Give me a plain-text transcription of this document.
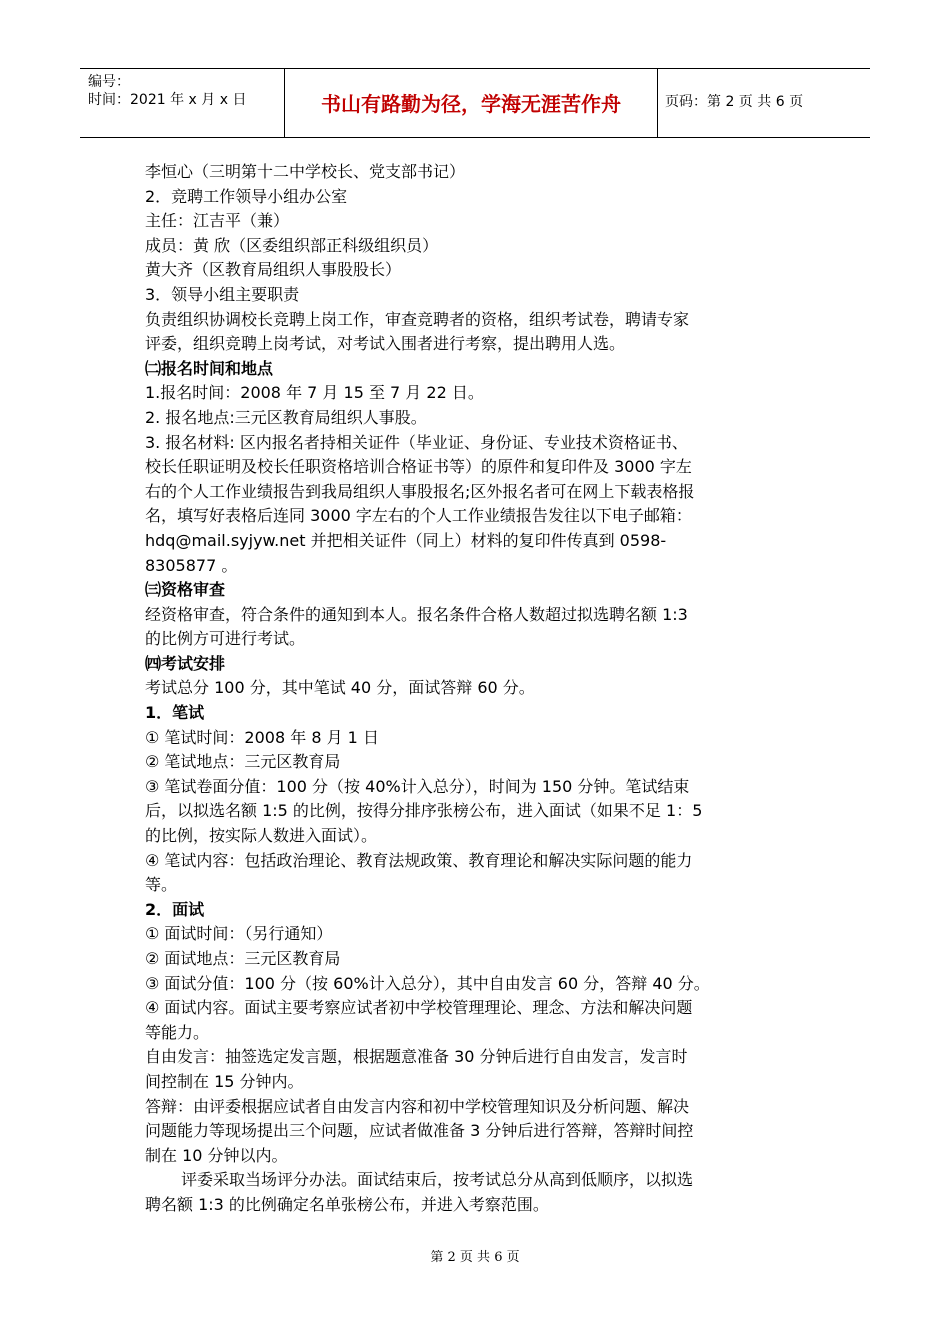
编号：
时间：2021 年 x 月 x 日	书山有路勤为径，学海无涯苦作舟	页码：第 2 页 共 6 页
李恒心（三明第十二中学校长、党支部书记）
2．竞聘工作领导小组办公室
主任：江吉平（兼）
成员：黄 欣（区委组织部正科级组织员）
黄大齐（区教育局组织人事股股长）
3．领导小组主要职责
负责组织协调校长竞聘上岗工作，审查竞聘者的资格，组织考试卷，聘请专家
评委，组织竞聘上岗考试，对考试入围者进行考察，提出聘用人选。
㈡报名时间和地点
1.报名时间：2008 年 7 月 15 至 7 月 22 日。
2. 报名地点:三元区教育局组织人事股。
3. 报名材料: 区内报名者持相关证件（毕业证、身份证、专业技术资格证书、
校长任职证明及校长任职资格培训合格证书等）的原件和复印件及 3000 字左
右的个人工作业绩报告到我局组织人事股报名;区外报名者可在网上下载表格报
名，填写好表格后连同 3000 字左右的个人工作业绩报告发往以下电子邮箱：
hdq@mail.syjyw.net 并把相关证件（同上）材料的复印件传真到 0598-
8305877 。
㈢资格审查
经资格审查，符合条件的通知到本人。报名条件合格人数超过拟选聘名额 1:3
的比例方可进行考试。
㈣考试安排
考试总分 100 分，其中笔试 40 分，面试答辩 60 分。
1．笔试
① 笔试时间：2008 年 8 月 1 日
② 笔试地点：三元区教育局
③ 笔试卷面分值：100 分（按 40%计入总分），时间为 150 分钟。笔试结束
后，以拟选名额 1:5 的比例，按得分排序张榜公布，进入面试（如果不足 1：5
的比例，按实际人数进入面试）。
④ 笔试内容：包括政治理论、教育法规政策、教育理论和解决实际问题的能力
等。
2．面试
① 面试时间：（另行通知）
② 面试地点：三元区教育局
③ 面试分值：100 分（按 60%计入总分），其中自由发言 60 分，答辩 40 分。
④ 面试内容。面试主要考察应试者初中学校管理理论、理念、方法和解决问题
等能力。
自由发言：抽签选定发言题，根据题意准备 30 分钟后进行自由发言，发言时
间控制在 15 分钟内。
答辩：由评委根据应试者自由发言内容和初中学校管理知识及分析问题、解决
问题能力等现场提出三个问题，应试者做准备 3 分钟后进行答辩，答辩时间控
制在 10 分钟以内。
评委采取当场评分办法。面试结束后，按考试总分从高到低顺序，以拟选
聘名额 1:3 的比例确定名单张榜公布，并进入考察范围。
第 2 页 共 6 页
